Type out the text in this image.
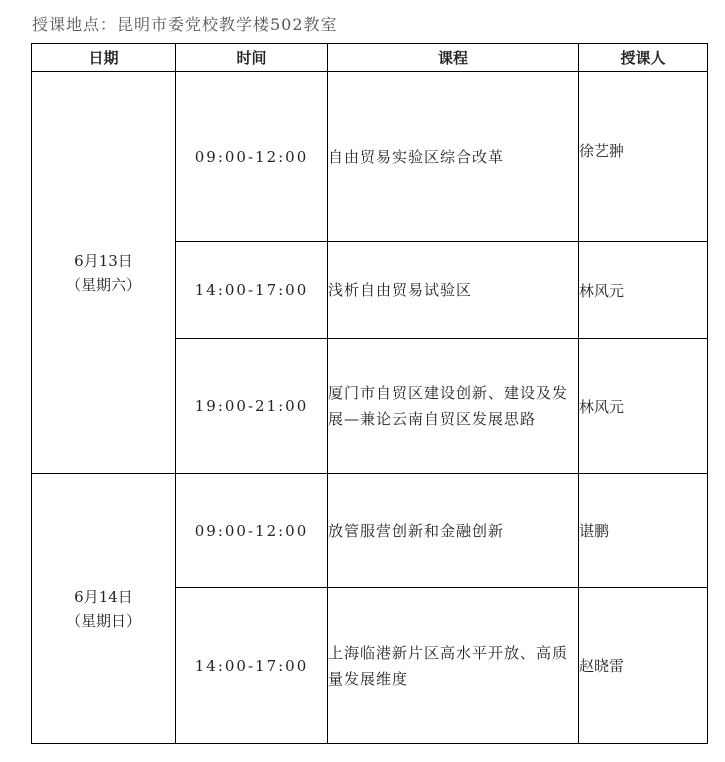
授课地点：昆明市委党校教学楼502教室
日期	时间	课程	授课人

6月13日
（星期六）	09:00-12:00	自由贸易实验区综合改革	徐艺翀
	14:00-17:00	浅析自由贸易试验区	林风元
	19:00-21:00	厦门市自贸区建设创新、建设及发展—兼论云南自贸区发展思路	林风元

6月14日
（星期日）	09:00-12:00	放管服营创新和金融创新	谌鹏
	14:00-17:00	上海临港新片区高水平开放、高质量发展维度	赵晓雷
